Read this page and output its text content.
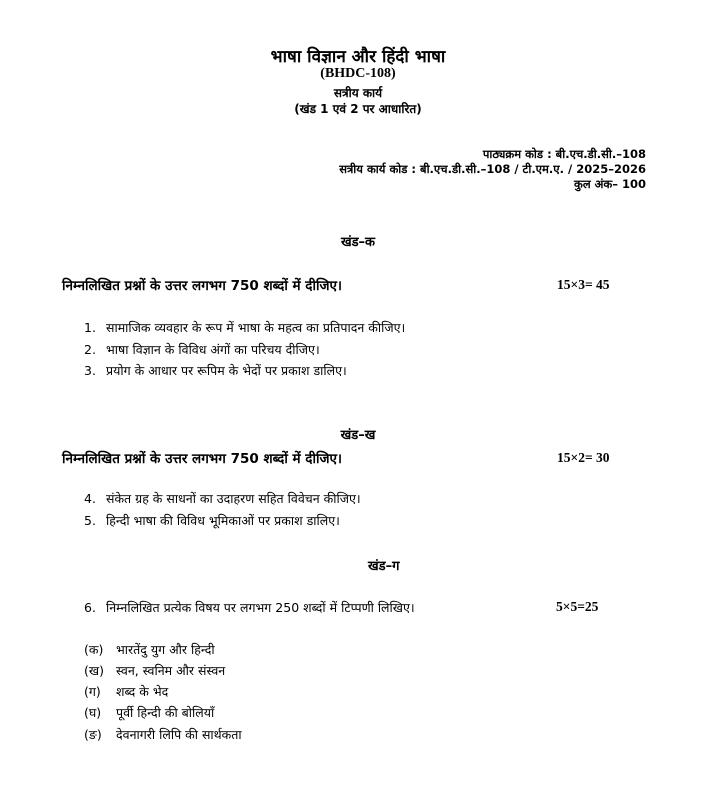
भाषा विज्ञान और हिंदी भाषा
(BHDC-108)
सत्रीय कार्य
(खंड 1 एवं 2 पर आधारित)
पाठ्यक्रम कोड : बी.एच.डी.सी.–108
सत्रीय कार्य कोड : बी.एच.डी.सी.–108 / टी.एम.ए. / 2025–2026
कुल अंक– 100
खंड–क
निम्नलिखित प्रश्नों के उत्तर लगभग 750 शब्दों में दीजिए।	15×3= 45
1. सामाजिक व्यवहार के रूप में भाषा के महत्व का प्रतिपादन कीजिए।
2. भाषा विज्ञान के विविध अंगों का परिचय दीजिए।
3. प्रयोग के आधार पर रूपिम के भेदों पर प्रकाश डालिए।
खंड–ख
निम्नलिखित प्रश्नों के उत्तर लगभग 750 शब्दों में दीजिए।	15×2= 30
4. संकेत ग्रह के साधनों का उदाहरण सहित विवेचन कीजिए।
5. हिन्दी भाषा की विविध भूमिकाओं पर प्रकाश डालिए।
खंड–ग
6. निम्नलिखित प्रत्येक विषय पर लगभग 250 शब्दों में टिप्पणी लिखिए।	5×5=25
(क) भारतेंदु युग और हिन्दी
(ख) स्वन, स्वनिम और संस्वन
(ग) शब्द के भेद
(घ) पूर्वी हिन्दी की बोलियाँ
(ङ) देवनागरी लिपि की सार्थकता
